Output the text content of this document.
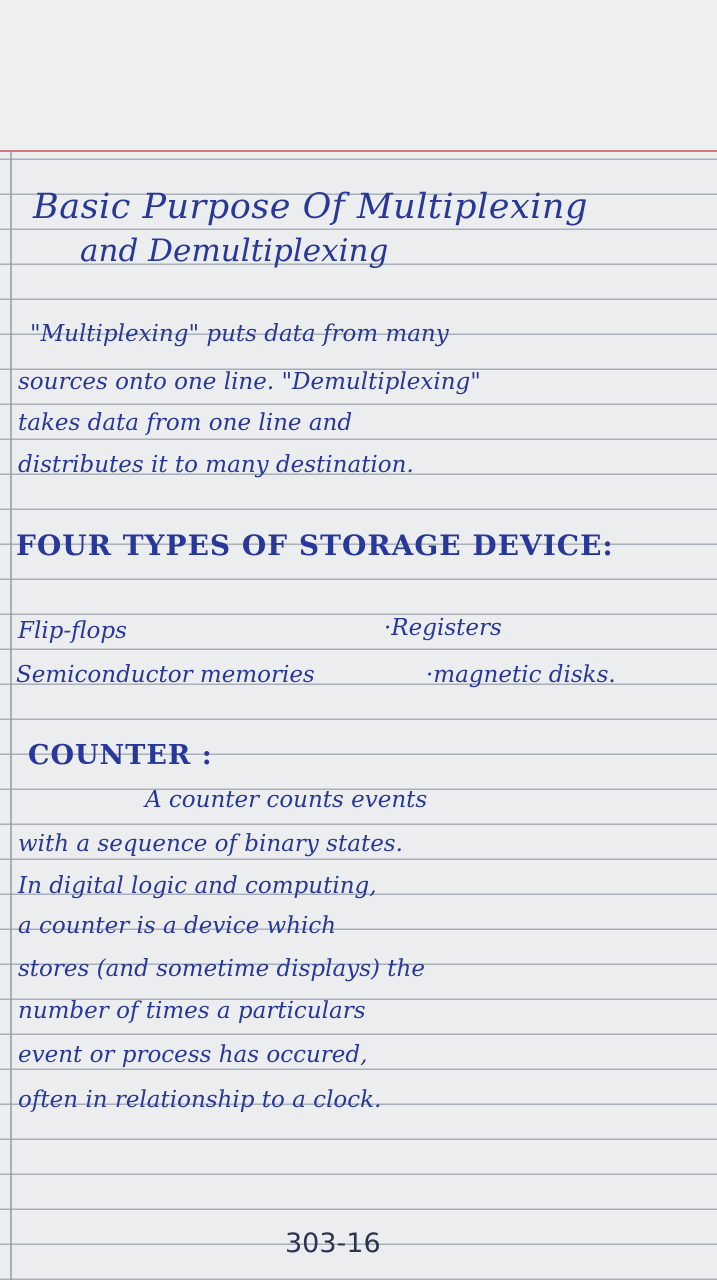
Basic Purpose Of Multiplexing
and Demultiplexing
"Multiplexing" puts data from many
sources onto one line. "Demultiplexing"
takes data from one line and
distributes it to many destination.
FOUR TYPES OF STORAGE DEVICE:
Flip-flops	·Registers
Semiconductor memories	·magnetic disks.
COUNTER :
A counter counts events
with a sequence of binary states.
In digital logic and computing,
a counter is a device which
stores (and sometime displays) the
number of times a particulars
event or process has occured,
often in relationship to a clock.
303-16
